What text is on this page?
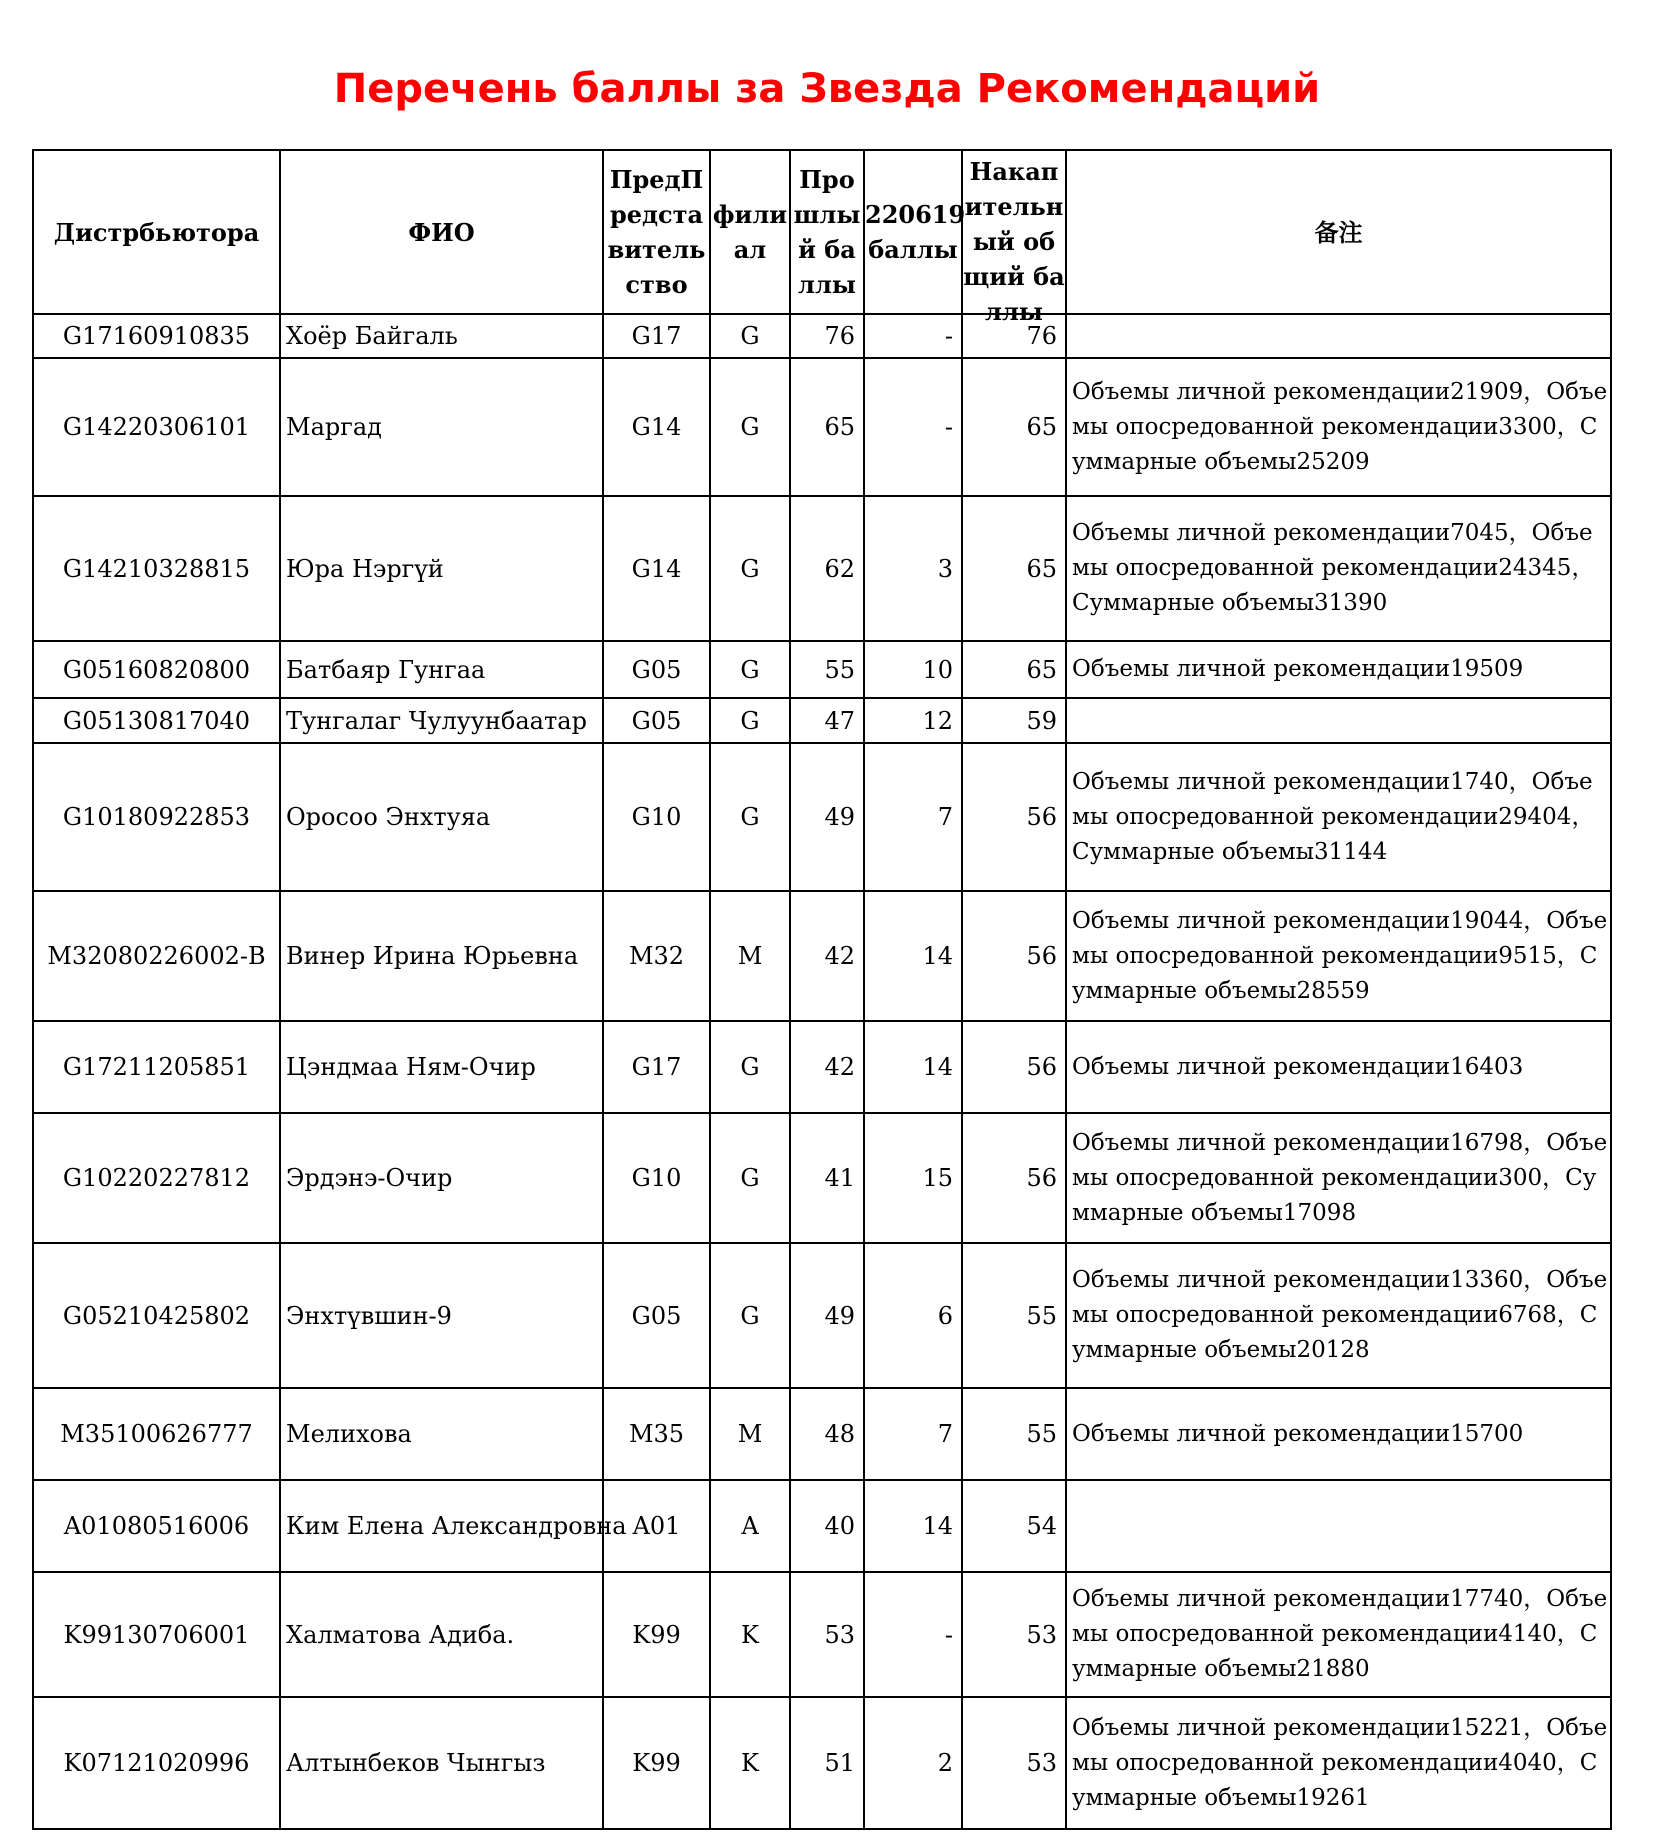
Перечень баллы за Звезда Рекомендаций
Дистрбьютора	ФИО	ПредПредставительство	филиал	Прошлый баллы	220619 баллы	Накапительный общий баллы	备注

G17160910835	Хоёр Байгаль	G17	G	76	-	76	
G14220306101	Маргад	G14	G	65	-	65	Объемы личной рекомендации21909，Объемы опосредованной рекомендации3300，Суммарные объемы25209
G14210328815	Юра Нэргүй	G14	G	62	3	65	Объемы личной рекомендации7045，Объемы опосредованной рекомендации24345，Суммарные объемы31390
G05160820800	Батбаяр Гунгаа	G05	G	55	10	65	Объемы личной рекомендации19509
G05130817040	Тунгалаг Чулуунбаатар	G05	G	47	12	59	
G10180922853	Оросоо Энхтуяа	G10	G	49	7	56	Объемы личной рекомендации1740，Объемы опосредованной рекомендации29404，Суммарные объемы31144
M32080226002-B	Винер Ирина Юрьевна	M32	M	42	14	56	Объемы личной рекомендации19044，Объемы опосредованной рекомендации9515，Суммарные объемы28559
G17211205851	Цэндмаа Ням-Очир	G17	G	42	14	56	Объемы личной рекомендации16403
G10220227812	Эрдэнэ-Очир	G10	G	41	15	56	Объемы личной рекомендации16798，Объемы опосредованной рекомендации300，Суммарные объемы17098
G05210425802	Энхтүвшин-9	G05	G	49	6	55	Объемы личной рекомендации13360，Объемы опосредованной рекомендации6768，Суммарные объемы20128
M35100626777	Мелихова	M35	M	48	7	55	Объемы личной рекомендации15700
A01080516006	Ким Елена Александровна	A01	A	40	14	54	
K99130706001	Халматова Адиба.	K99	K	53	-	53	Объемы личной рекомендации17740，Объемы опосредованной рекомендации4140，Суммарные объемы21880
K07121020996	Алтынбеков Чынгыз	K99	K	51	2	53	Объемы личной рекомендации15221，Объемы опосредованной рекомендации4040，Суммарные объемы19261
